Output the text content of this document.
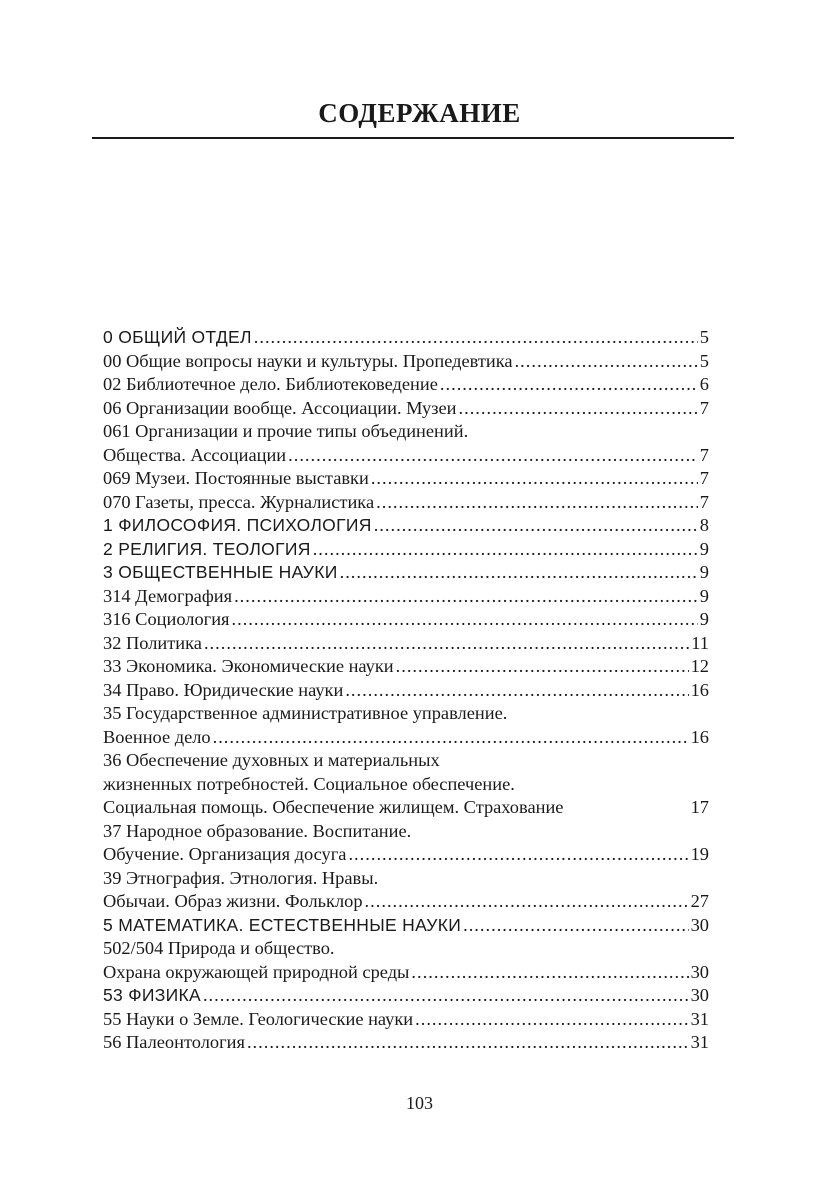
СОДЕРЖАНИЕ
0 ОБЩИЙ ОТДЕЛ .....	5
00 Общие вопросы науки и культуры. Пропедевтика .....	5
02 Библиотечное дело. Библиотековедение .....	6
06 Организации вообще. Ассоциации. Музеи .....	7
061 Организации и прочие типы объединений.
Общества. Ассоциации .....	7
069 Музеи. Постоянные выставки .....	7
070 Газеты, пресса. Журналистика .....	7
1 ФИЛОСОФИЯ. ПСИХОЛОГИЯ .....	8
2 РЕЛИГИЯ. ТЕОЛОГИЯ .....	9
3 ОБЩЕСТВЕННЫЕ НАУКИ .....	9
314 Демография .....	9
316 Социология .....	9
32 Политика .....	11
33 Экономика. Экономические науки .....	12
34 Право. Юридические науки .....	16
35 Государственное административное управление.
Военное дело .....	16
36 Обеспечение духовных и материальных
жизненных потребностей. Социальное обеспечение.
Социальная помощь. Обеспечение жилищем. Страхование	17
37 Народное образование. Воспитание.
Обучение. Организация досуга .....	19
39 Этнография. Этнология. Нравы.
Обычаи. Образ жизни. Фольклор .....	27
5 МАТЕМАТИКА. ЕСТЕСТВЕННЫЕ НАУКИ .....	30
502/504 Природа и общество.
Охрана окружающей природной среды .....	30
53 ФИЗИКА .....	30
55 Науки о Земле. Геологические науки .....	31
56 Палеонтология .....	31
103
